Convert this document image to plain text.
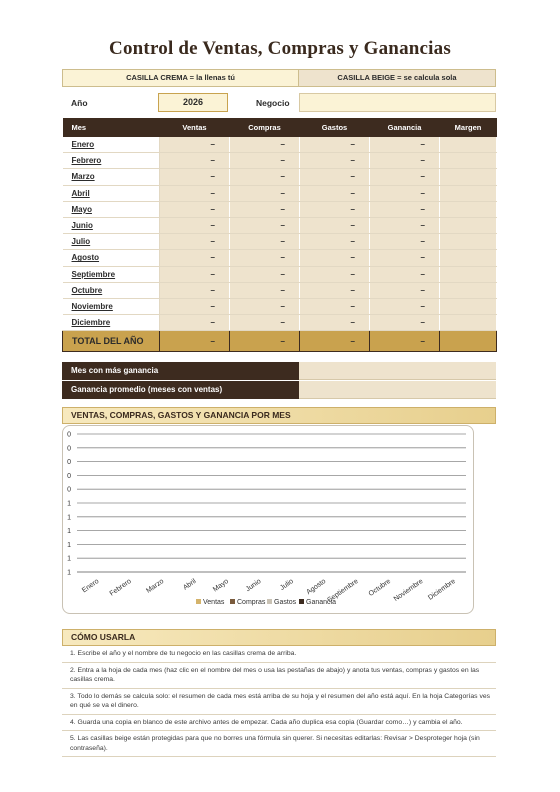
Control de Ventas, Compras y Ganancias
CASILLA CREMA = la llenas tú	CASILLA BEIGE = se calcula sola
Año	2026	Negocio
Mes	Ventas	Compras	Gastos	Ganancia	Margen
Enero	–	–	–	–	
Febrero	–	–	–	–	
Marzo	–	–	–	–	
Abril	–	–	–	–	
Mayo	–	–	–	–	
Junio	–	–	–	–	
Julio	–	–	–	–	
Agosto	–	–	–	–	
Septiembre	–	–	–	–	
Octubre	–	–	–	–	
Noviembre	–	–	–	–	
Diciembre	–	–	–	–	
TOTAL DEL AÑO	–	–	–	–	
Mes con más ganancia
Ganancia promedio (meses con ventas)
VENTAS, COMPRAS, GASTOS Y GANANCIA POR MES
0
0
0
0
0
1
1
1
1
1
1
Enero Febrero Marzo Abril Mayo Junio Julio Agosto Septiembre Octubre Noviembre Diciembre
Ventas Compras Gastos Ganancia
CÓMO USARLA
1. Escribe el año y el nombre de tu negocio en las casillas crema de arriba.
2. Entra a la hoja de cada mes (haz clic en el nombre del mes o usa las pestañas de abajo) y anota tus ventas, compras y gastos en las casillas crema.
3. Todo lo demás se calcula solo: el resumen de cada mes está arriba de su hoja y el resumen del año está aquí. En la hoja Categorías ves en qué se va el dinero.
4. Guarda una copia en blanco de este archivo antes de empezar. Cada año duplica esa copia (Guardar como…) y cambia el año.
5. Las casillas beige están protegidas para que no borres una fórmula sin querer. Si necesitas editarlas: Revisar > Desproteger hoja (sin contraseña).
